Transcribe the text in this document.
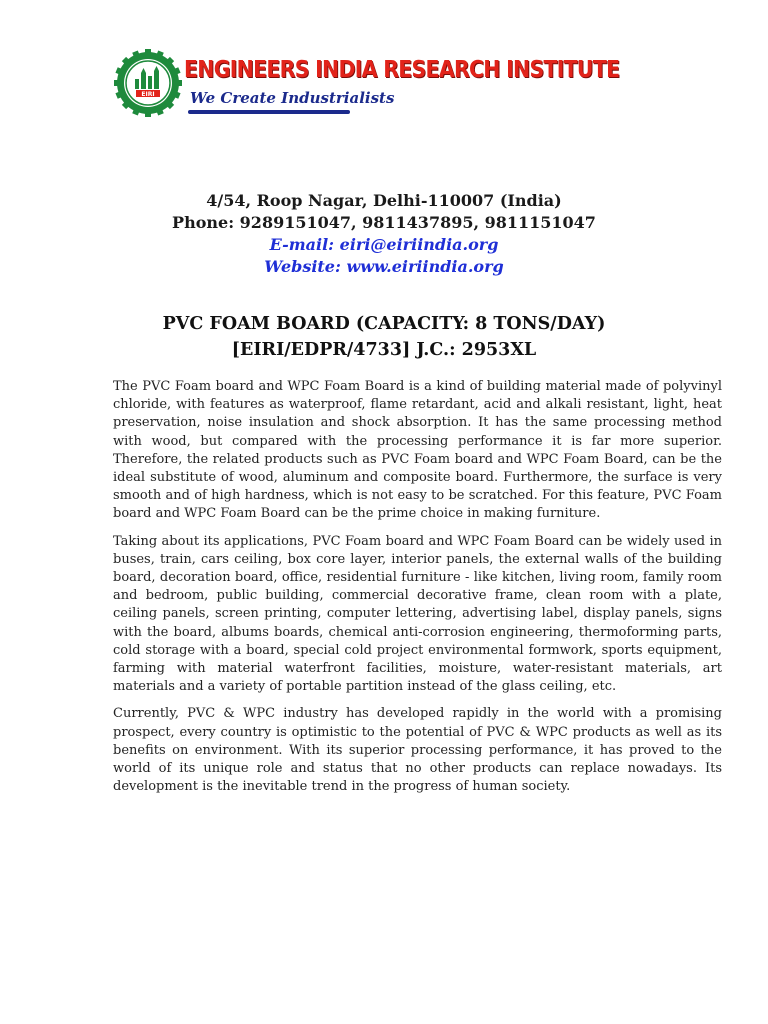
EIRI
ENGINEERS INDIA RESEARCH INSTITUTE
We Create Industrialists
4/54, Roop Nagar, Delhi-110007 (India)
Phone: 9289151047, 9811437895, 9811151047
E-mail: eiri@eiriindia.org
Website: www.eiriindia.org
PVC FOAM BOARD (CAPACITY: 8 TONS/DAY)
[EIRI/EDPR/4733] J.C.: 2953XL

The PVC Foam board and WPC Foam Board is a kind of building material made of polyvinyl chloride, with features as waterproof, flame retardant, acid and alkali resistant, light, heat preservation, noise insulation and shock absorption. It has the same processing method with wood, but compared with the processing performance it is far more superior. Therefore, the related products such as PVC Foam board and WPC Foam Board, can be the ideal substitute of wood, aluminum and composite board. Furthermore, the surface is very smooth and of high hardness, which is not easy to be scratched. For this feature, PVC Foam board and WPC Foam Board can be the prime choice in making furniture.

Taking about its applications, PVC Foam board and WPC Foam Board can be widely used in buses, train, cars ceiling, box core layer, interior panels, the external walls of the building board, decoration board, office, residential furniture - like kitchen, living room, family room and bedroom, public building, commercial decorative frame, clean room with a plate, ceiling panels, screen printing, computer lettering, advertising label, display panels, signs with the board, albums boards, chemical anti-corrosion engineering, thermoforming parts, cold storage with a board, special cold project environmental formwork, sports equipment, farming with material waterfront facilities, moisture, water-resistant materials, art materials and a variety of portable partition instead of the glass ceiling, etc.

Currently, PVC & WPC industry has developed rapidly in the world with a promising prospect, every country is optimistic to the potential of PVC & WPC products as well as its benefits on environment. With its superior processing performance, it has proved to the world of its unique role and status that no other products can replace nowadays. Its development is the inevitable trend in the progress of human society.
